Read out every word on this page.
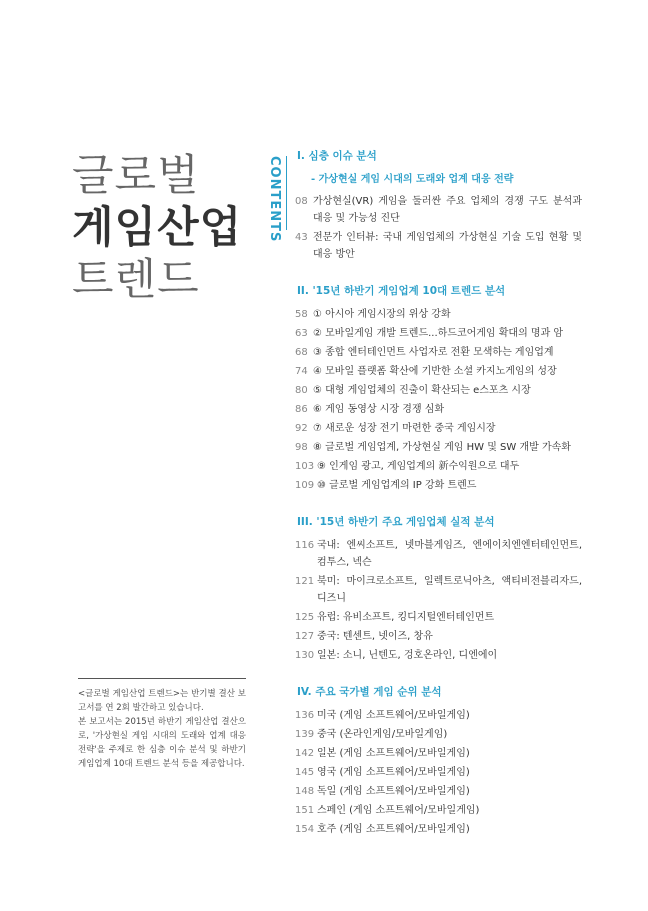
글로벌
게임산업
트렌드
CONTENTS I. 심층 이슈 분석
- 가상현실 게임 시대의 도래와 업계 대응 전략
08 가상현실(VR) 게임을 둘러싼 주요 업체의 경쟁 구도 분석과 대응 및 가능성 진단
43 전문가 인터뷰: 국내 게임업체의 가상현실 기술 도입 현황 및 대응 방안
II. '15년 하반기 게임업계 10대 트렌드 분석
58 ① 아시아 게임시장의 위상 강화
63 ② 모바일게임 개발 트렌드...하드코어게임 확대의 명과 암
68 ③ 종합 엔터테인먼트 사업자로 전환 모색하는 게임업계
74 ④ 모바일 플랫폼 확산에 기반한 소셜 카지노게임의 성장
80 ⑤ 대형 게임업체의 진출이 확산되는 e스포츠 시장
86 ⑥ 게임 동영상 시장 경쟁 심화
92 ⑦ 새로운 성장 전기 마련한 중국 게임시장
98 ⑧ 글로벌 게임업계, 가상현실 게임 HW 및 SW 개발 가속화
103 ⑨ 인게임 광고, 게임업계의 新수익원으로 대두
109 ⑩ 글로벌 게임업계의 IP 강화 트렌드
III. '15년 하반기 주요 게임업체 실적 분석
116 국내: 엔씨소프트, 넷마블게임즈, 엔에이치엔엔터테인먼트, 컴투스, 넥슨
121 북미: 마이크로소프트, 일렉트로닉아츠, 액티비전블리자드, 디즈니
125 유럽: 유비소프트, 킹디지털엔터테인먼트
127 중국: 텐센트, 넷이즈, 창유
130 일본: 소니, 닌텐도, 겅호온라인, 디엔에이
IV. 주요 국가별 게임 순위 분석
136 미국 (게임 소프트웨어/모바일게임)
139 중국 (온라인게임/모바일게임)
142 일본 (게임 소프트웨어/모바일게임)
145 영국 (게임 소프트웨어/모바일게임)
148 독일 (게임 소프트웨어/모바일게임)
151 스페인 (게임 소프트웨어/모바일게임)
154 호주 (게임 소프트웨어/모바일게임)

<글로벌 게임산업 트렌드>는 반기별 결산 보고서를 연 2회 발간하고 있습니다.

본 보고서는 2015년 하반기 게임산업 결산으로, '가상현실 게임 시대의 도래와 업계 대응 전략'을 주제로 한 심층 이슈 분석 및 하반기 게임업계 10대 트렌드 분석 등을 제공합니다.
